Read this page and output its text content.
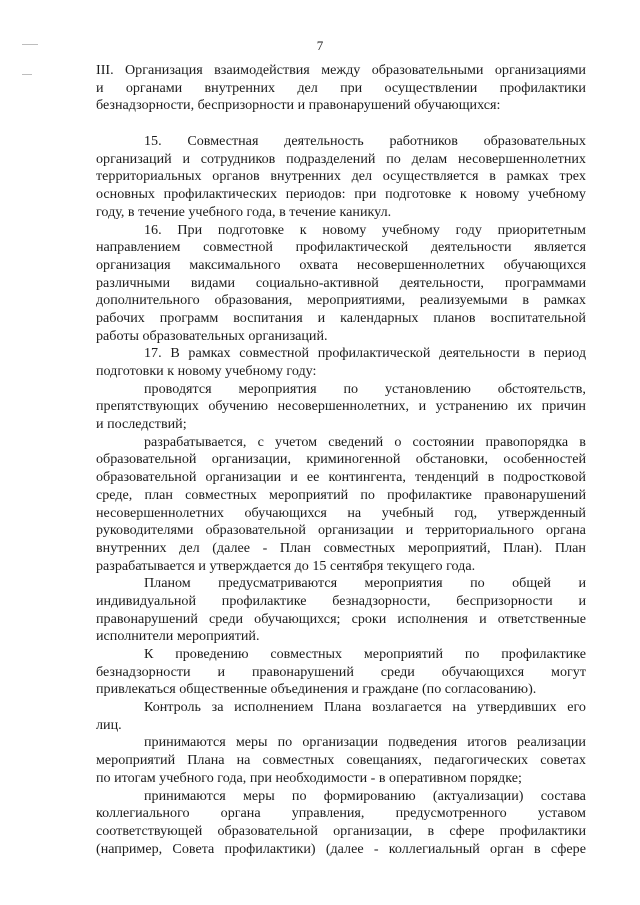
7
III. Организация взаимодействия между образовательными организациями
и органами внутренних дел при осуществлении профилактики
безнадзорности, беспризорности и правонарушений обучающихся:
15. Совместная деятельность работников образовательных
организаций и сотрудников подразделений по делам несовершеннолетних
территориальных органов внутренних дел осуществляется в рамках трех
основных профилактических периодов: при подготовке к новому учебному
году, в течение учебного года, в течение каникул.
16. При подготовке к новому учебному году приоритетным
направлением совместной профилактической деятельности является
организация максимального охвата несовершеннолетних обучающихся
различными видами социально-активной деятельности, программами
дополнительного образования, мероприятиями, реализуемыми в рамках
рабочих программ воспитания и календарных планов воспитательной
работы образовательных организаций.
17. В рамках совместной профилактической деятельности в период
подготовки к новому учебному году:
проводятся мероприятия по установлению обстоятельств,
препятствующих обучению несовершеннолетних, и устранению их причин
и последствий;
разрабатывается, с учетом сведений о состоянии правопорядка в
образовательной организации, криминогенной обстановки, особенностей
образовательной организации и ее контингента, тенденций в подростковой
среде, план совместных мероприятий по профилактике правонарушений
несовершеннолетних обучающихся на учебный год, утвержденный
руководителями образовательной организации и территориального органа
внутренних дел (далее - План совместных мероприятий, План). План
разрабатывается и утверждается до 15 сентября текущего года.
Планом предусматриваются мероприятия по общей и
индивидуальной профилактике безнадзорности, беспризорности и
правонарушений среди обучающихся; сроки исполнения и ответственные
исполнители мероприятий.
К проведению совместных мероприятий по профилактике
безнадзорности и правонарушений среди обучающихся могут
привлекаться общественные объединения и граждане (по согласованию).
Контроль за исполнением Плана возлагается на утвердивших его
лиц.
принимаются меры по организации подведения итогов реализации
мероприятий Плана на совместных совещаниях, педагогических советах
по итогам учебного года, при необходимости - в оперативном порядке;
принимаются меры по формированию (актуализации) состава
коллегиального органа управления, предусмотренного уставом
соответствующей образовательной организации, в сфере профилактики
(например, Совета профилактики) (далее - коллегиальный орган в сфере
